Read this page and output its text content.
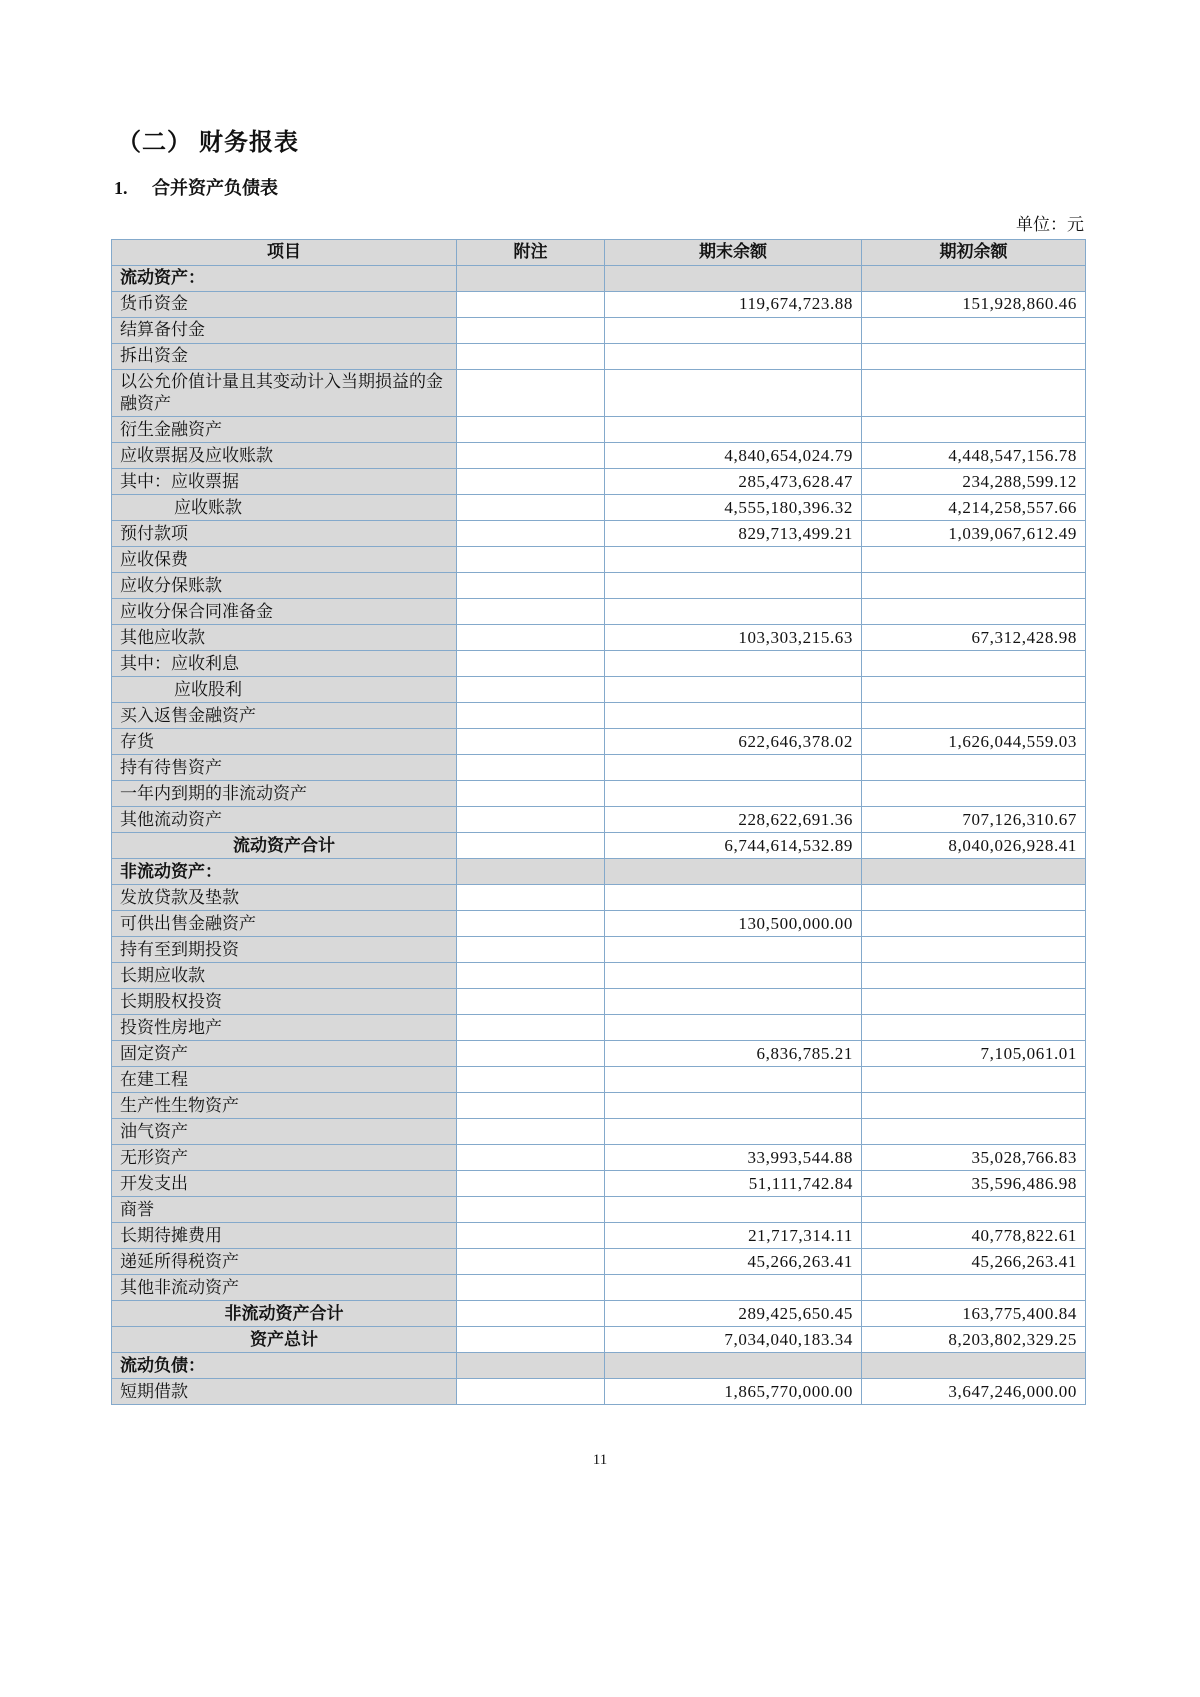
（二） 财务报表
1.	合并资产负债表
单位：元
项目	附注	期末余额	期初余额
流动资产：			
货币资金		119,674,723.88	151,928,860.46
结算备付金			
拆出资金			
以公允价值计量且其变动计入当期损益的金融资产			
衍生金融资产			
应收票据及应收账款		4,840,654,024.79	4,448,547,156.78
其中：应收票据		285,473,628.47	234,288,599.12
应收账款		4,555,180,396.32	4,214,258,557.66
预付款项		829,713,499.21	1,039,067,612.49
应收保费			
应收分保账款			
应收分保合同准备金			
其他应收款		103,303,215.63	67,312,428.98
其中：应收利息			
应收股利			
买入返售金融资产			
存货		622,646,378.02	1,626,044,559.03
持有待售资产			
一年内到期的非流动资产			
其他流动资产		228,622,691.36	707,126,310.67
流动资产合计		6,744,614,532.89	8,040,026,928.41
非流动资产：			
发放贷款及垫款			
可供出售金融资产		130,500,000.00	
持有至到期投资			
长期应收款			
长期股权投资			
投资性房地产			
固定资产		6,836,785.21	7,105,061.01
在建工程			
生产性生物资产			
油气资产			
无形资产		33,993,544.88	35,028,766.83
开发支出		51,111,742.84	35,596,486.98
商誉			
长期待摊费用		21,717,314.11	40,778,822.61
递延所得税资产		45,266,263.41	45,266,263.41
其他非流动资产			
非流动资产合计		289,425,650.45	163,775,400.84
资产总计		7,034,040,183.34	8,203,802,329.25
流动负债：			
短期借款		1,865,770,000.00	3,647,246,000.00
11
